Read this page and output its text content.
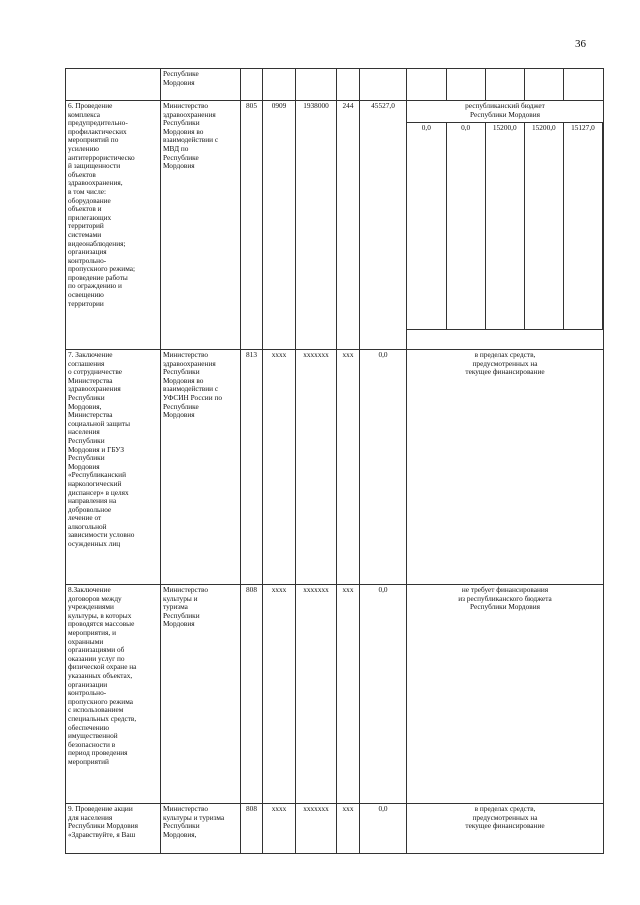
36
	Республике
Мордовия						

6. Проведение
комплекса
предупредительно-
профилактических
мероприятий по
усилению
антитеррористическо
й защищенности
объектов
здравоохранения,
в том числе:
оборудование
объектов и
прилегающих
территорий
системами
видеонаблюдения;
организация
контрольно-
пропускного режима;
проведение работы
по ограждению и
освещению
территории	Министерство
здравоохранения
Республики
Мордовия во
взаимодействии с
МВД по
Республике
Мордовия	805	0909	1938000	244	45527,0	республиканский бюджет
Республики Мордовия
0,0	0,0	15200,0	15200,0	15127,0

7. Заключение
соглашения
о сотрудничестве
Министерства
здравоохранения
Республики
Мордовия,
Министерства
социальной защиты
населения
Республики
Мордовия и ГБУЗ
Республики
Мордовия
«Республиканский
наркологический
диспансер» в целях
направления на
добровольное
лечение от
алкогольной
зависимости условно
осужденных лиц	Министерство
здравоохранения
Республики
Мордовия во
взаимодействии с
УФСИН России по
Республике
Мордовия	813	хххх	ххххххх	ххх	0,0	в пределах средств,
предусмотренных на
текущее финансирование
8.Заключение
договоров между
учреждениями
культуры, в которых
проводятся массовые
мероприятия, и
охранными
организациями об
оказании услуг по
физической охране на
указанных объектах,
организации
контрольно-
пропускного режима
с использованием
специальных средств,
обеспечению
имущественной
безопасности в
период проведения
мероприятий	Министерство
культуры и
туризма
Республики
Мордовия	808	хххх	ххххххх	ххх	0,0	не требует финансирования
из республиканского бюджета
Республики Мордовия
9. Проведение акции
для населения
Республики Мордовия
«Здравствуйте, я Ваш	Министерство
культуры и туризма
Республики
Мордовия,	808	хххх	ххххххх	ххх	0,0	в пределах средств,
предусмотренных на
текущее финансирование
